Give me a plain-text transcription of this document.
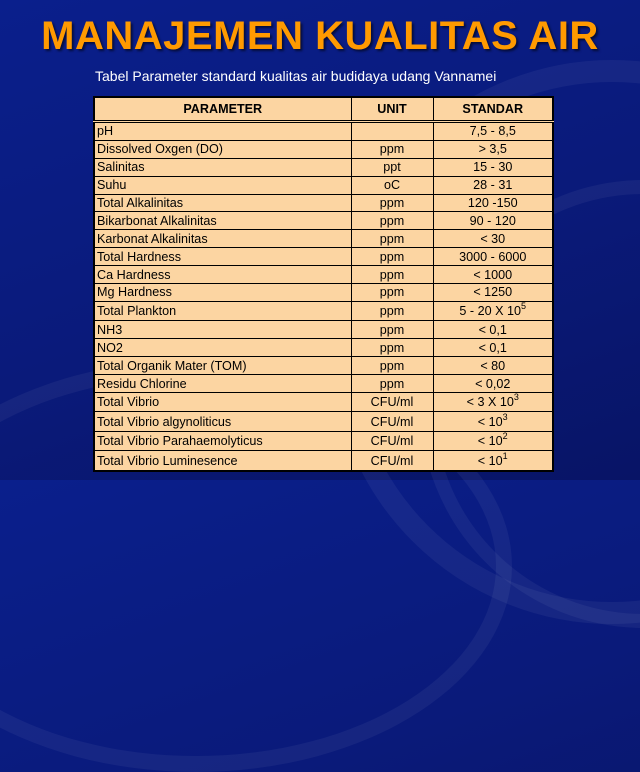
MANAJEMEN KUALITAS AIR
Tabel Parameter standard kualitas air budidaya udang Vannamei
PARAMETER	UNIT	STANDAR
pH		7,5 - 8,5
Dissolved Oxgen (DO)	ppm	> 3,5
Salinitas	ppt	15 - 30
Suhu	oC	28 - 31
Total Alkalinitas	ppm	120 -150
Bikarbonat Alkalinitas	ppm	90 - 120
Karbonat Alkalinitas	ppm	< 30
Total Hardness	ppm	3000 - 6000
Ca Hardness	ppm	< 1000
Mg Hardness	ppm	< 1250
Total Plankton	ppm	5 - 20 X $10^5$
NH3	ppm	< 0,1
NO2	ppm	< 0,1
Total Organik Mater (TOM)	ppm	< 80
Residu Chlorine	ppm	< 0,02
Total Vibrio	CFU/ml	< 3 X $10^3$
Total Vibrio algynoliticus	CFU/ml	< $10^3$
Total Vibrio Parahaemolyticus	CFU/ml	< $10^2$
Total Vibrio Luminesence	CFU/ml	< $10^1$
